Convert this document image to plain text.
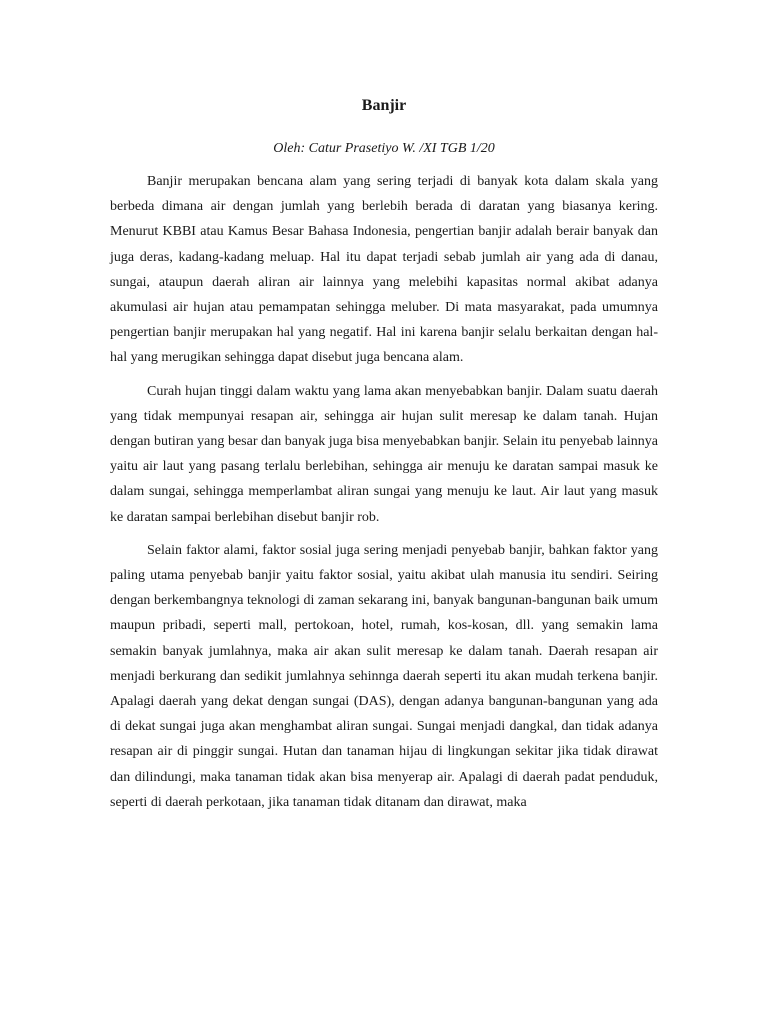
Banjir

Oleh: Catur Prasetiyo W. /XI TGB 1/20

Banjir merupakan bencana alam yang sering terjadi di banyak kota dalam skala yang berbeda dimana air dengan jumlah yang berlebih berada di daratan yang biasanya kering. Menurut KBBI atau Kamus Besar Bahasa Indonesia, pengertian banjir adalah berair banyak dan juga deras, kadang-kadang meluap. Hal itu dapat terjadi sebab jumlah air yang ada di danau, sungai, ataupun daerah aliran air lainnya yang melebihi kapasitas normal akibat adanya akumulasi air hujan atau pemampatan sehingga meluber. Di mata masyarakat, pada umumnya pengertian banjir merupakan hal yang negatif. Hal ini karena banjir selalu berkaitan dengan hal-hal yang merugikan sehingga dapat disebut juga bencana alam.

Curah hujan tinggi dalam waktu yang lama akan menyebabkan banjir. Dalam suatu daerah yang tidak mempunyai resapan air, sehingga air hujan sulit meresap ke dalam tanah. Hujan dengan butiran yang besar dan banyak juga bisa menyebabkan banjir. Selain itu penyebab lainnya yaitu air laut yang pasang terlalu berlebihan, sehingga air menuju ke daratan sampai masuk ke dalam sungai, sehingga memperlambat aliran sungai yang menuju ke laut. Air laut yang masuk ke daratan sampai berlebihan disebut banjir rob.

Selain faktor alami, faktor sosial juga sering menjadi penyebab banjir, bahkan faktor yang paling utama penyebab banjir yaitu faktor sosial, yaitu akibat ulah manusia itu sendiri. Seiring dengan berkembangnya teknologi di zaman sekarang ini, banyak bangunan-bangunan baik umum maupun pribadi, seperti mall, pertokoan, hotel, rumah, kos-kosan, dll. yang semakin lama semakin banyak jumlahnya, maka air akan sulit meresap ke dalam tanah. Daerah resapan air menjadi berkurang dan sedikit jumlahnya sehinnga daerah seperti itu akan mudah terkena banjir. Apalagi daerah yang dekat dengan sungai (DAS), dengan adanya bangunan-bangunan yang ada di dekat sungai juga akan menghambat aliran sungai. Sungai menjadi dangkal, dan tidak adanya resapan air di pinggir sungai. Hutan dan tanaman hijau di lingkungan sekitar jika tidak dirawat dan dilindungi, maka tanaman tidak akan bisa menyerap air. Apalagi di daerah padat penduduk, seperti di daerah perkotaan, jika tanaman tidak ditanam dan dirawat, maka
